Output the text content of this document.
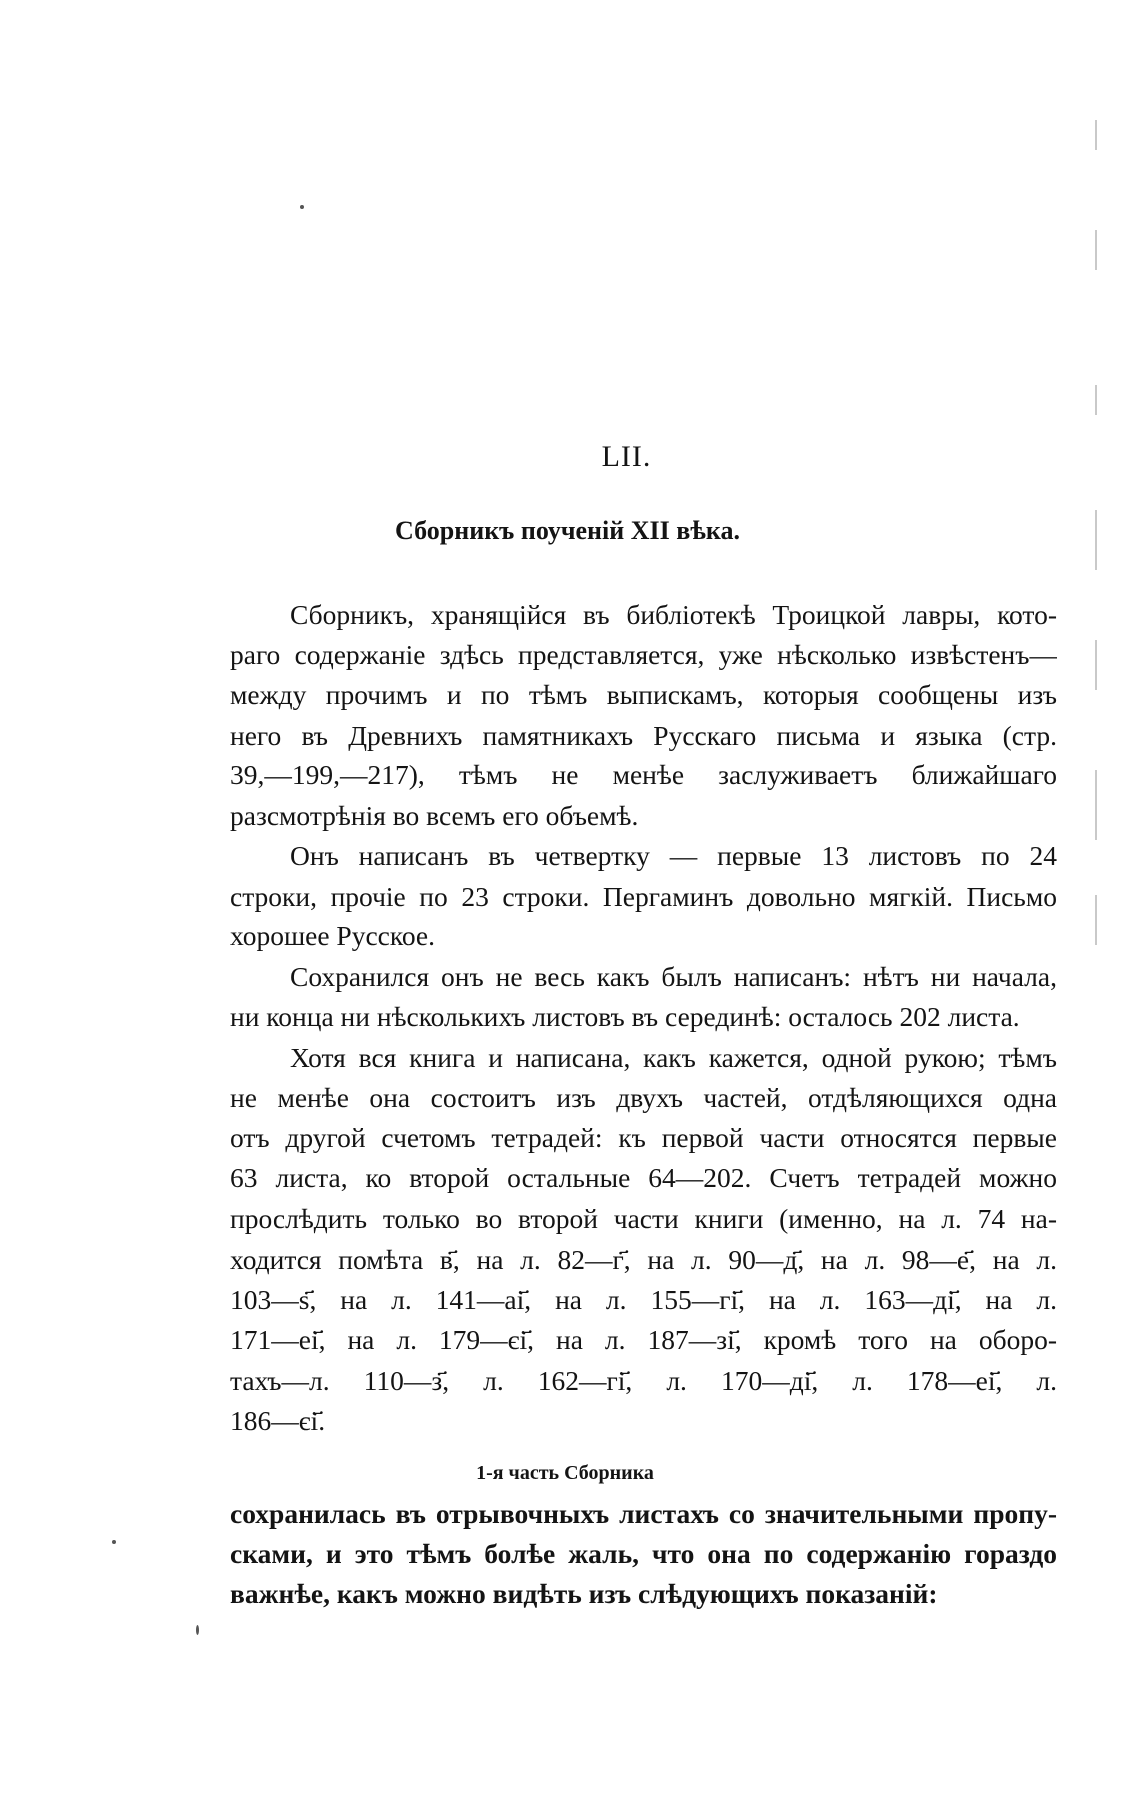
LII.
Сборникъ поученій XII вѣка.
Сборникъ, хранящійся въ библіотекѣ Троицкой лавры, кото-
раго содержаніе здѣсь представляется, уже нѣсколько извѣстенъ—
между прочимъ и по тѣмъ выпискамъ, которыя сообщены изъ
него въ Древнихъ памятникахъ Русскаго письма и языка (стр.
39,—199,—217), тѣмъ не менѣе заслуживаетъ ближайшаго
разсмотрѣнія во всемъ его объемѣ.
Онъ написанъ въ четвертку — первые 13 листовъ по 24
строки, прочіе по 23 строки. Пергаминъ довольно мягкій. Письмо
хорошее Русское.
Сохранился онъ не весь какъ былъ написанъ: нѣтъ ни начала,
ни конца ни нѣсколькихъ листовъ въ серединѣ: осталось 202 листа.
Хотя вся книга и написана, какъ кажется, одной рукою; тѣмъ
не менѣе она состоитъ изъ двухъ частей, отдѣляющихся одна
отъ другой счетомъ тетрадей: къ первой части относятся первые
63 листа, ко второй остальные 64—202. Счетъ тетрадей можно
прослѣдить только во второй части книги (именно, на л. 74 на-
ходится помѣта в҃, на л. 82—г҃, на л. 90—д҃, на л. 98—е҃, на л.
103—ѕ҃, на л. 141—аі҃, на л. 155—гі҃, на л. 163—ді҃, на л.
171—еі҃, на л. 179—єі҃, на л. 187—зі҃, кромѣ того на оборо-
тахъ—л. 110—з҃, л. 162—гі҃, л. 170—ді҃, л. 178—еі҃, л.
186—єі҃.
1-я часть Сборника
сохранилась въ отрывочныхъ листахъ со значительными пропу-
сками, и это тѣмъ болѣе жаль, что она по содержанію гораздо
важнѣе, какъ можно видѣть изъ слѣдующихъ показаній:
